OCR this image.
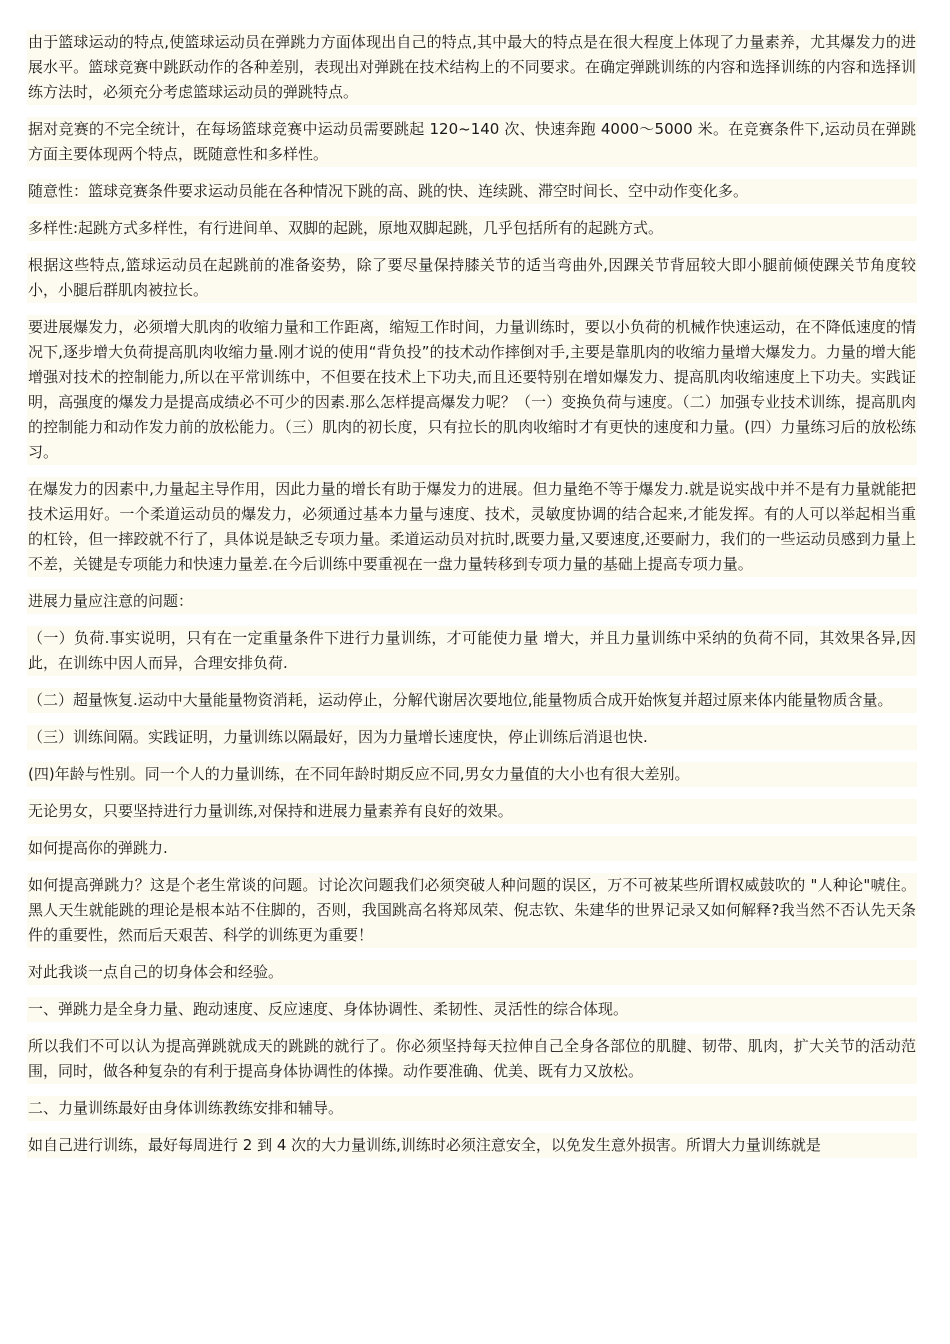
由于篮球运动的特点,使篮球运动员在弹跳力方面体现出自己的特点,其中最大的特点是在很大程度上体现了力量素养，尤其爆发力的进展水平。篮球竞赛中跳跃动作的各种差别，表现出对弹跳在技术结构上的不同要求。在确定弹跳训练的内容和选择训练的内容和选择训练方法时，必须充分考虑篮球运动员的弹跳特点。

据对竞赛的不完全统计，在每场篮球竞赛中运动员需要跳起 120~140 次、快速奔跑 4000～5000 米。在竞赛条件下,运动员在弹跳方面主要体现两个特点，既随意性和多样性。

随意性：篮球竞赛条件要求运动员能在各种情况下跳的高、跳的快、连续跳、滞空时间长、空中动作变化多。

多样性:起跳方式多样性，有行进间单、双脚的起跳，原地双脚起跳，几乎包括所有的起跳方式。

根据这些特点,篮球运动员在起跳前的准备姿势，除了要尽量保持膝关节的适当弯曲外,因踝关节背屈较大即小腿前倾使踝关节角度较小，小腿后群肌肉被拉长。

要进展爆发力，必须增大肌肉的收缩力量和工作距离，缩短工作时间，力量训练时，要以小负荷的机械作快速运动，在不降低速度的情况下,逐步增大负荷提高肌肉收缩力量.刚才说的使用“背负投”的技术动作摔倒对手,主要是靠肌肉的收缩力量增大爆发力。力量的增大能增强对技术的控制能力,所以在平常训练中，不但要在技术上下功夫,而且还要特别在增如爆发力、提高肌肉收缩速度上下功夫。实践证明，高强度的爆发力是提高成绩必不可少的因素.那么怎样提高爆发力呢？（一）变换负荷与速度。（二）加强专业技术训练，提高肌肉的控制能力和动作发力前的放松能力。（三）肌肉的初长度，只有拉长的肌肉收缩时才有更快的速度和力量。(四）力量练习后的放松练习。

在爆发力的因素中,力量起主导作用，因此力量的增长有助于爆发力的进展。但力量绝不等于爆发力.就是说实战中并不是有力量就能把技术运用好。一个柔道运动员的爆发力，必须通过基本力量与速度、技术，灵敏度协调的结合起来,才能发挥。有的人可以举起相当重的杠铃，但一摔跤就不行了，具体说是缺乏专项力量。柔道运动员对抗时,既要力量,又要速度,还要耐力，我们的一些运动员感到力量上不差，关键是专项能力和快速力量差.在今后训练中要重视在一盘力量转移到专项力量的基础上提高专项力量。

进展力量应注意的问题：

（一）负荷.事实说明，只有在一定重量条件下进行力量训练，才可能使力量 增大，并且力量训练中采纳的负荷不同，其效果各异,因此，在训练中因人而异，合理安排负荷.

（二）超量恢复.运动中大量能量物资消耗，运动停止，分解代谢居次要地位,能量物质合成开始恢复并超过原来体内能量物质含量。

（三）训练间隔。实践证明，力量训练以隔最好，因为力量增长速度快，停止训练后消退也快.

(四)年龄与性别。同一个人的力量训练，在不同年龄时期反应不同,男女力量值的大小也有很大差别。

无论男女，只要坚持进行力量训练,对保持和进展力量素养有良好的效果。

如何提高你的弹跳力.

如何提高弹跳力？这是个老生常谈的问题。讨论次问题我们必须突破人种问题的误区，万不可被某些所谓权威鼓吹的 "人种论"唬住。黑人天生就能跳的理论是根本站不住脚的，否则，我国跳高名将郑凤荣、倪志钦、朱建华的世界记录又如何解释?我当然不否认先天条件的重要性，然而后天艰苦、科学的训练更为重要！

对此我谈一点自己的切身体会和经验。

一、弹跳力是全身力量、跑动速度、反应速度、身体协调性、柔韧性、灵活性的综合体现。

所以我们不可以认为提高弹跳就成天的跳跳的就行了。你必须坚持每天拉伸自己全身各部位的肌腱、韧带、肌肉，扩大关节的活动范围，同时，做各种复杂的有利于提高身体协调性的体操。动作要准确、优美、既有力又放松。

二、力量训练最好由身体训练教练安排和辅导。

如自己进行训练，最好每周进行 2 到 4 次的大力量训练,训练时必须注意安全，以免发生意外损害。所谓大力量训练就是
